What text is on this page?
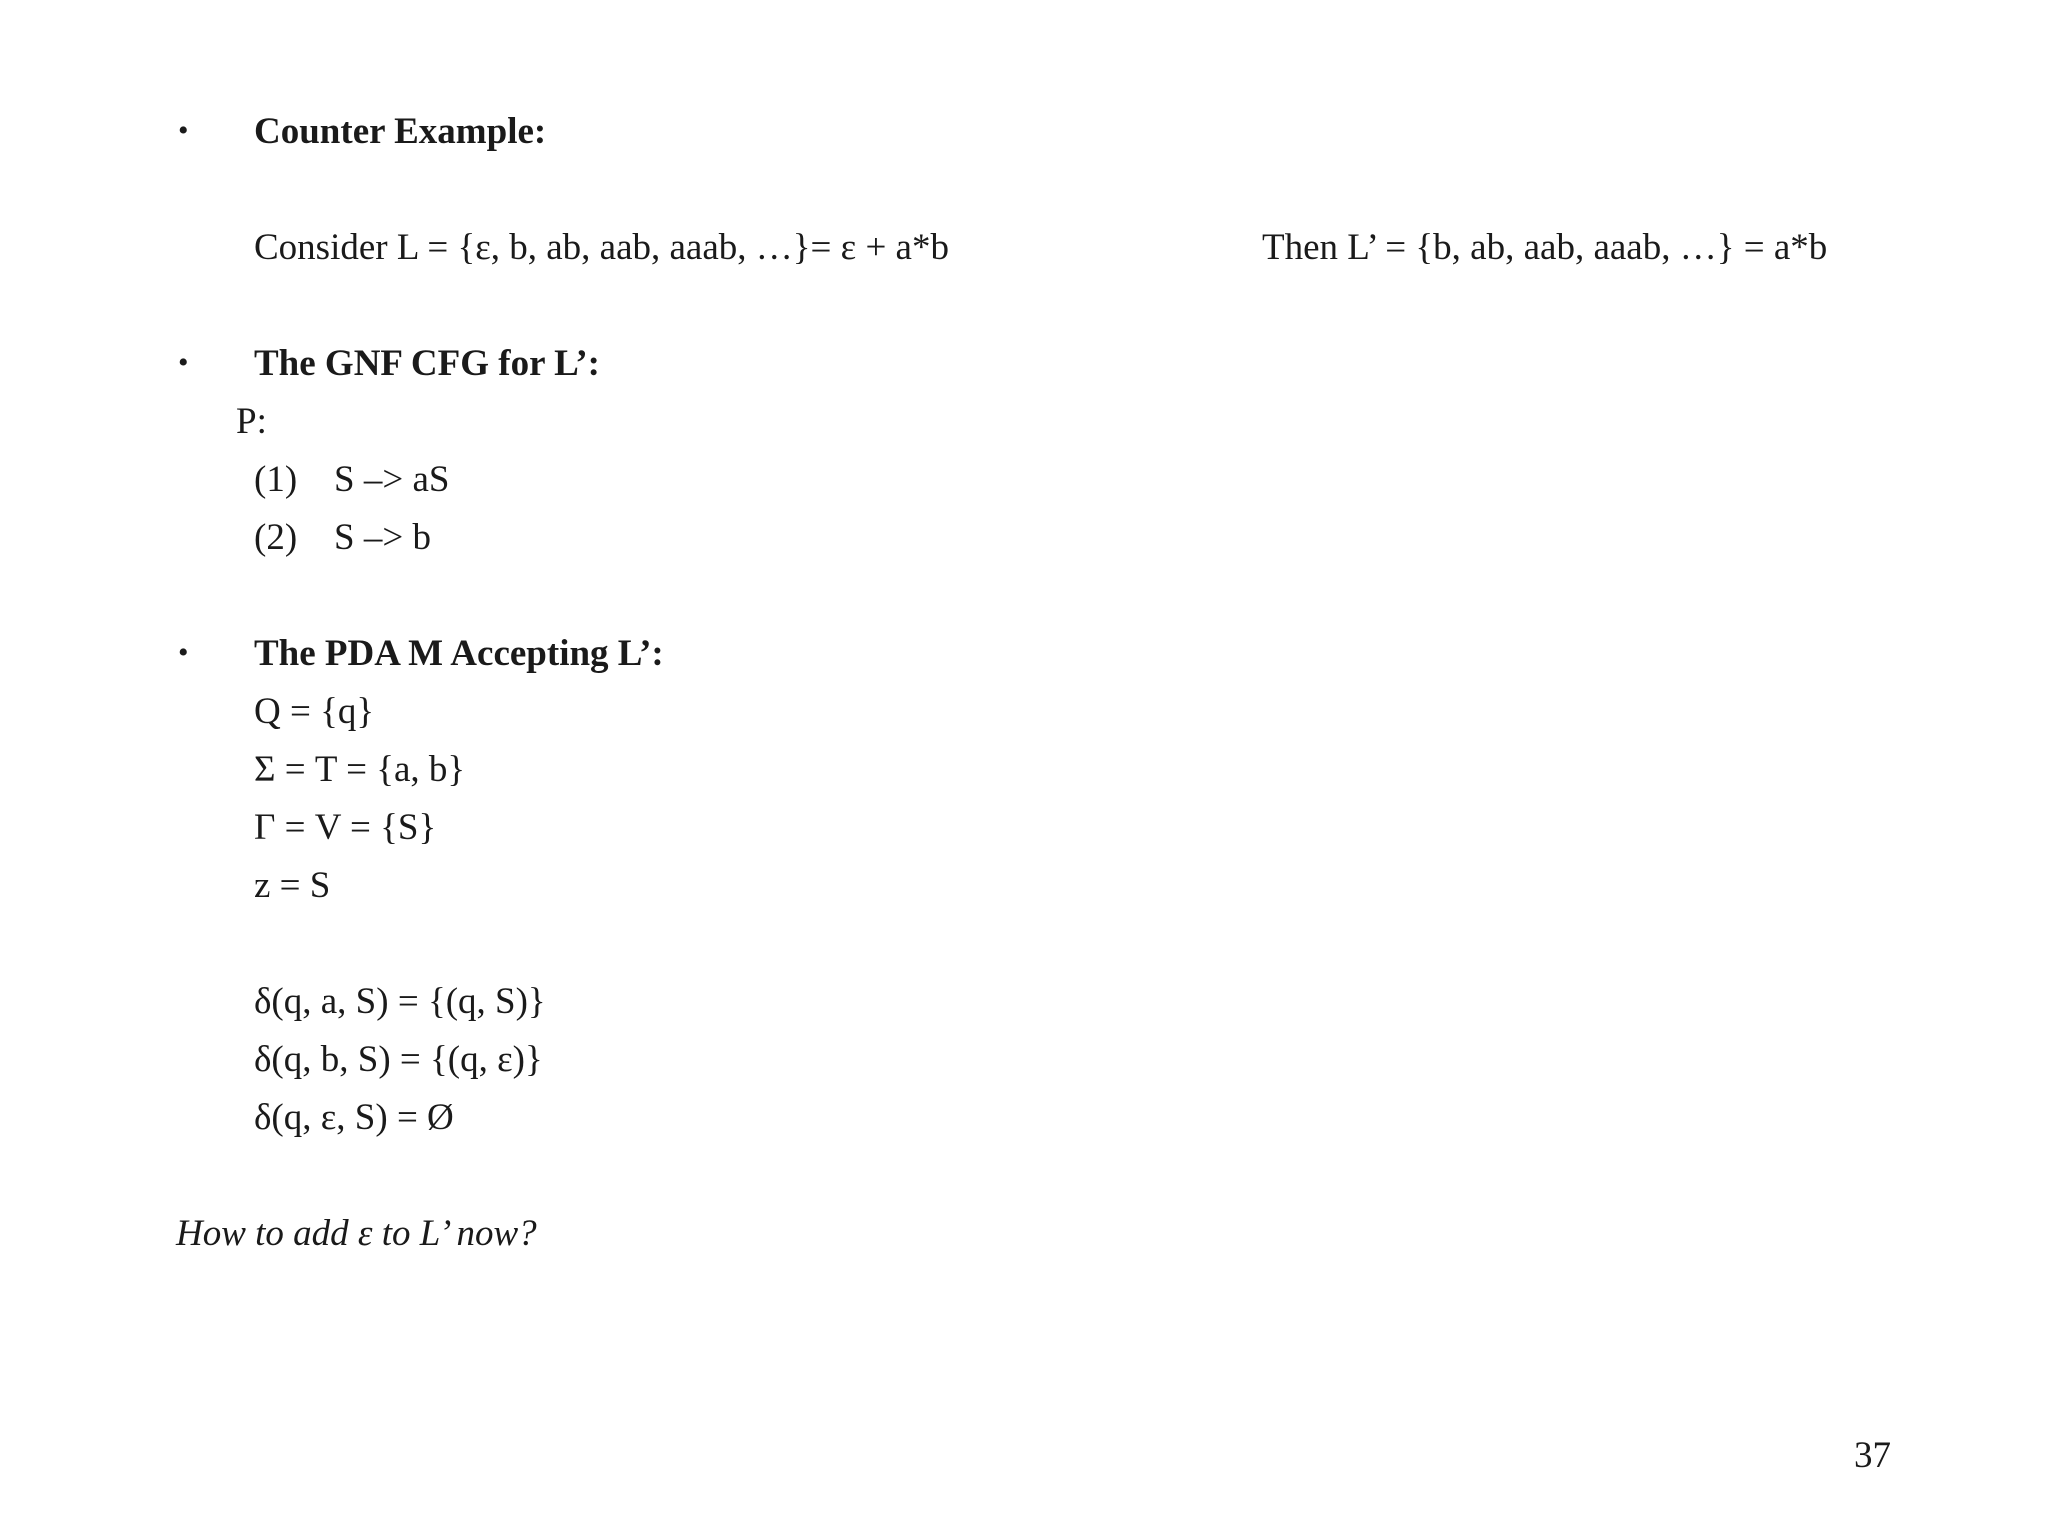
• Counter Example:
Consider L = {ε, b, ab, aab, aaab, …}= ε + a*b	Then L’ = {b, ab, aab, aaab, …} = a*b
• The GNF CFG for L’:
P:
(1) S –> aS
(2) S –> b
• The PDA M Accepting L’:
Q = {q}
Σ = T = {a, b}
Γ = V = {S}
z = S
δ(q, a, S) = {(q, S)}
δ(q, b, S) = {(q, ε)}
δ(q, ε, S) = Ø
How to add ε to L’ now?
37
